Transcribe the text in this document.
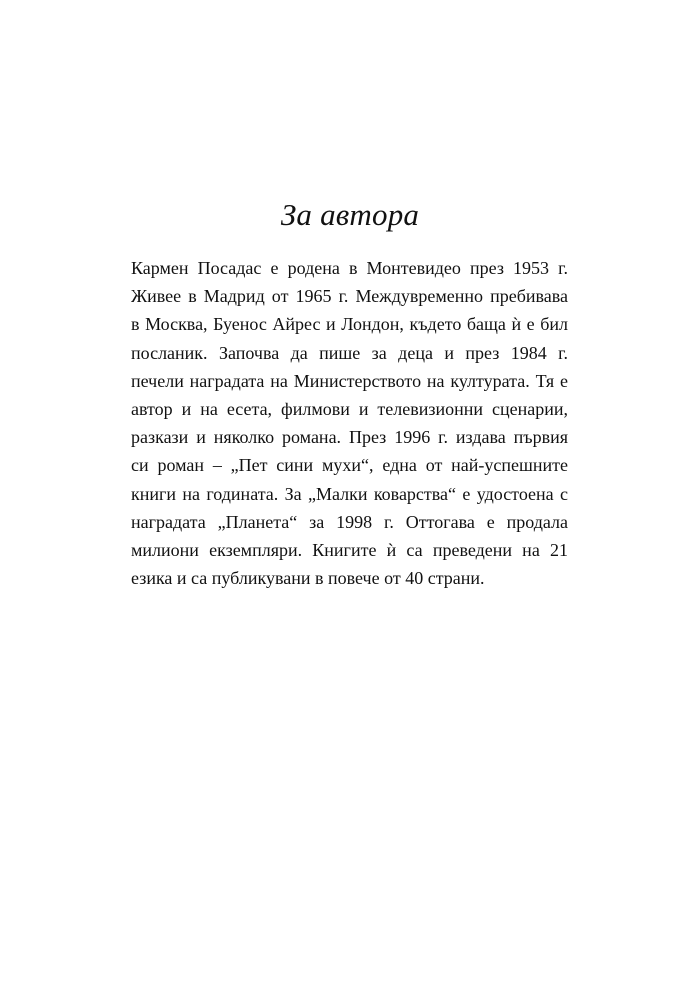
За автора
Кармен Посадас е родена в Монтевидео през 1953 г.
Живее в Мадрид от 1965 г. Междувременно пребивава
в Москва, Буенос Айрес и Лондон, където баща ѝ е бил
посланик. Започва да пише за деца и през 1984 г.
печели наградата на Министерството на културата. Тя е
автор и на есета, филмови и телевизионни сценарии,
разкази и няколко романа. През 1996 г. издава първия
си роман – „Пет сини мухи“, една от най-успешните
книги на годината. За „Малки коварства“ е удостоена с
наградата „Планета“ за 1998 г. Оттогава е продала
милиони екземпляри. Книгите ѝ са преведени на 21
езика и са публикувани в повече от 40 страни.
